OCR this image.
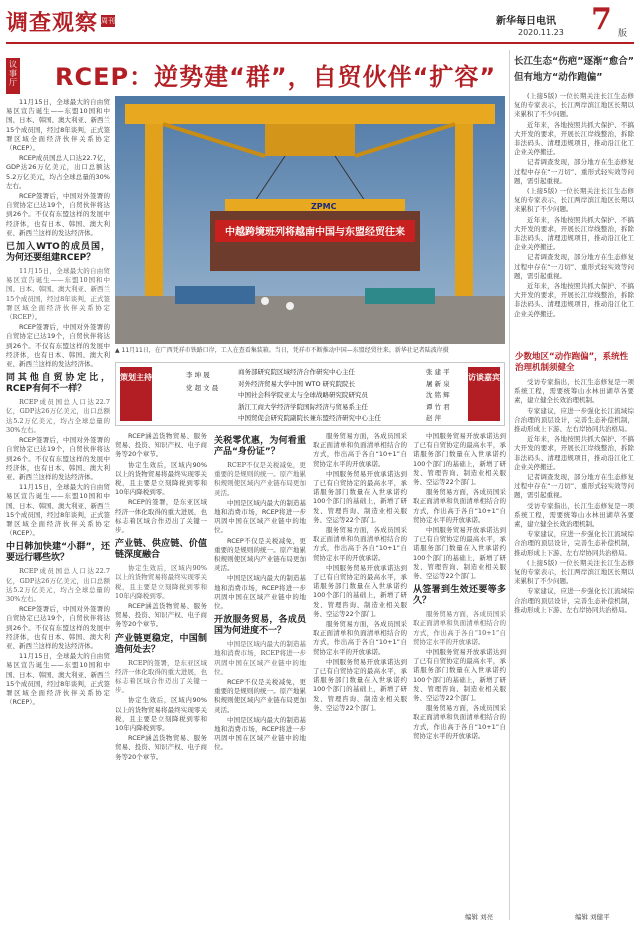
调查观察 周刊	新华每日电讯
2020.11.23 7 版
议事厅 RCEP：逆势建“群”，自贸伙伴“扩容”

11月15日，全球最大的自由贸易区宣告诞生——东盟10国和中国、日本、韩国、澳大利亚、新西兰15个成员国，经过8年谈判，正式签署区域全面经济伙伴关系协定（RCEP）。

RCEP成员国总人口达22.7亿，GDP达26万亿美元，出口总额达5.2万亿美元，均占全球总量的30%左右。

RCEP签署后，中国对外签署的自贸协定已达19个，自贸伙伴将达到26个。不仅有东盟这样的发展中经济体，也有日本、韩国、澳大利亚、新西兰这样的发达经济体。

已加入WTO的成员国，为何还要组建RCEP？

11月15日，全球最大的自由贸易区宣告诞生——东盟10国和中国、日本、韩国、澳大利亚、新西兰15个成员国，经过8年谈判，正式签署区域全面经济伙伴关系协定（RCEP）。

RCEP签署后，中国对外签署的自贸协定已达19个，自贸伙伴将达到26个。不仅有东盟这样的发展中经济体，也有日本、韩国、澳大利亚、新西兰这样的发达经济体。

同其他自贸协定比，RCEP有何不一样？

RCEP成员国总人口达22.7亿，GDP达26万亿美元，出口总额达5.2万亿美元，均占全球总量的30%左右。

RCEP签署后，中国对外签署的自贸协定已达19个，自贸伙伴将达到26个。不仅有东盟这样的发展中经济体，也有日本、韩国、澳大利亚、新西兰这样的发达经济体。

11月15日，全球最大的自由贸易区宣告诞生——东盟10国和中国、日本、韩国、澳大利亚、新西兰15个成员国，经过8年谈判，正式签署区域全面经济伙伴关系协定（RCEP）。

中日韩加快建“小群”，还要远行哪些坎？

RCEP成员国总人口达22.7亿，GDP达26万亿美元，出口总额达5.2万亿美元，均占全球总量的30%左右。

RCEP签署后，中国对外签署的自贸协定已达19个，自贸伙伴将达到26个。不仅有东盟这样的发展中经济体，也有日本、韩国、澳大利亚、新西兰这样的发达经济体。

11月15日，全球最大的自由贸易区宣告诞生——东盟10国和中国、日本、韩国、澳大利亚、新西兰15个成员国，经过8年谈判，正式签署区域全面经济伙伴关系协定（RCEP）。

ZPMC
中越跨境班列将越南中国与东盟经贸往来
▲ 11月11日，在广西凭祥市铁路口岸，工人在查看集装箱。当日，凭祥市不断推动中国—东盟经贸往来。新华社记者陆波岸摄
策划主持	李 坤 晟
党 超 文 晨
商务部研究院区域经济合作研究中心主任
对外经济贸易大学中国 WTO 研究院院长
中国社会科学院亚太与全球战略研究院研究员
浙江工商大学经济学院国际经济与贸易系主任
中国贸促会研究院副院长兼东盟经济研究中心主任
张 建 平
屠 新 泉
沈 铭 辉
谭 竹 君
赵 萍
访谈嘉宾

RCEP涵盖货物贸易、服务贸易、投资、知识产权、电子商务等20个章节。

协定生效后，区域内90%以上的货物贸易将最终实现零关税，且主要是立刻降税到零和10年内降税到零。

RCEP的签署，是东亚区域经济一体化取得的重大进展，也标志着区域合作迈出了关键一步。

产业链、供应链、价值链深度融合

协定生效后，区域内90%以上的货物贸易将最终实现零关税，且主要是立刻降税到零和10年内降税到零。

RCEP涵盖货物贸易、服务贸易、投资、知识产权、电子商务等20个章节。

产业链更稳定，中国制造何处去？

RCEP的签署，是东亚区域经济一体化取得的重大进展，也标志着区域合作迈出了关键一步。

协定生效后，区域内90%以上的货物贸易将最终实现零关税，且主要是立刻降税到零和10年内降税到零。

RCEP涵盖货物贸易、服务贸易、投资、知识产权、电子商务等20个章节。

关税零优惠，为何看重产品“身份证”？

RCEP不仅是关税减免，更重要的是规则的统一。原产地累积规则使区域内产业链布局更加灵活。

中国是区域内最大的制造基地和消费市场，RCEP将进一步巩固中国在区域产业链中的地位。

RCEP不仅是关税减免，更重要的是规则的统一。原产地累积规则使区域内产业链布局更加灵活。

中国是区域内最大的制造基地和消费市场，RCEP将进一步巩固中国在区域产业链中的地位。

开放服务贸易，各成员国为何进度不一？

中国是区域内最大的制造基地和消费市场，RCEP将进一步巩固中国在区域产业链中的地位。

RCEP不仅是关税减免，更重要的是规则的统一。原产地累积规则使区域内产业链布局更加灵活。

中国是区域内最大的制造基地和消费市场，RCEP将进一步巩固中国在区域产业链中的地位。

服务贸易方面，各成员国采取正面清单和负面清单相结合的方式，作出高于各自“10+1”自贸协定水平的开放承诺。

中国服务贸易开放承诺达到了已有自贸协定的最高水平，承诺服务部门数量在入世承诺约100个部门的基础上，新增了研发、管理咨询、制造业相关服务、空运等22个部门。

服务贸易方面，各成员国采取正面清单和负面清单相结合的方式，作出高于各自“10+1”自贸协定水平的开放承诺。

中国服务贸易开放承诺达到了已有自贸协定的最高水平，承诺服务部门数量在入世承诺约100个部门的基础上，新增了研发、管理咨询、制造业相关服务、空运等22个部门。

服务贸易方面，各成员国采取正面清单和负面清单相结合的方式，作出高于各自“10+1”自贸协定水平的开放承诺。

中国服务贸易开放承诺达到了已有自贸协定的最高水平，承诺服务部门数量在入世承诺约100个部门的基础上，新增了研发、管理咨询、制造业相关服务、空运等22个部门。

中国服务贸易开放承诺达到了已有自贸协定的最高水平，承诺服务部门数量在入世承诺约100个部门的基础上，新增了研发、管理咨询、制造业相关服务、空运等22个部门。

服务贸易方面，各成员国采取正面清单和负面清单相结合的方式，作出高于各自“10+1”自贸协定水平的开放承诺。

中国服务贸易开放承诺达到了已有自贸协定的最高水平，承诺服务部门数量在入世承诺约100个部门的基础上，新增了研发、管理咨询、制造业相关服务、空运等22个部门。

从签署到生效还要等多久？

服务贸易方面，各成员国采取正面清单和负面清单相结合的方式，作出高于各自“10+1”自贸协定水平的开放承诺。

中国服务贸易开放承诺达到了已有自贸协定的最高水平，承诺服务部门数量在入世承诺约100个部门的基础上，新增了研发、管理咨询、制造业相关服务、空运等22个部门。

服务贸易方面，各成员国采取正面清单和负面清单相结合的方式，作出高于各自“10+1”自贸协定水平的开放承诺。

编辑 刘亮
长江生态“伤疤”逐渐“愈合”
但有地方“动作跑偏”

(上接5版) 一位长期关注长江生态修复的专家表示，长江两岸滨江地区长期以来累积了不少问题。

近年来，各地按照共抓大保护、不搞大开发的要求，开展长江岸线整治，拆除非法码头、清理违规项目，推动沿江化工企业关停搬迁。

记者调查发现，部分地方在生态修复过程中存在“一刀切”、重形式轻实效等问题，需引起重视。

(上接5版) 一位长期关注长江生态修复的专家表示，长江两岸滨江地区长期以来累积了不少问题。

近年来，各地按照共抓大保护、不搞大开发的要求，开展长江岸线整治，拆除非法码头、清理违规项目，推动沿江化工企业关停搬迁。

记者调查发现，部分地方在生态修复过程中存在“一刀切”、重形式轻实效等问题，需引起重视。

近年来，各地按照共抓大保护、不搞大开发的要求，开展长江岸线整治，拆除非法码头、清理违规项目，推动沿江化工企业关停搬迁。

少数地区“动作跑偏”，系统性治理机制须健全

受访专家指出，长江生态修复是一项系统工程，需要统筹山水林田湖草各要素，建立健全长效治理机制。

专家建议，应进一步强化长江流域综合治理的顶层设计，完善生态补偿机制，推动形成上下游、左右岸协同共治格局。

近年来，各地按照共抓大保护、不搞大开发的要求，开展长江岸线整治，拆除非法码头、清理违规项目，推动沿江化工企业关停搬迁。

记者调查发现，部分地方在生态修复过程中存在“一刀切”、重形式轻实效等问题，需引起重视。

受访专家指出，长江生态修复是一项系统工程，需要统筹山水林田湖草各要素，建立健全长效治理机制。

专家建议，应进一步强化长江流域综合治理的顶层设计，完善生态补偿机制，推动形成上下游、左右岸协同共治格局。

(上接5版) 一位长期关注长江生态修复的专家表示，长江两岸滨江地区长期以来累积了不少问题。

专家建议，应进一步强化长江流域综合治理的顶层设计，完善生态补偿机制，推动形成上下游、左右岸协同共治格局。

编辑 刘健平
